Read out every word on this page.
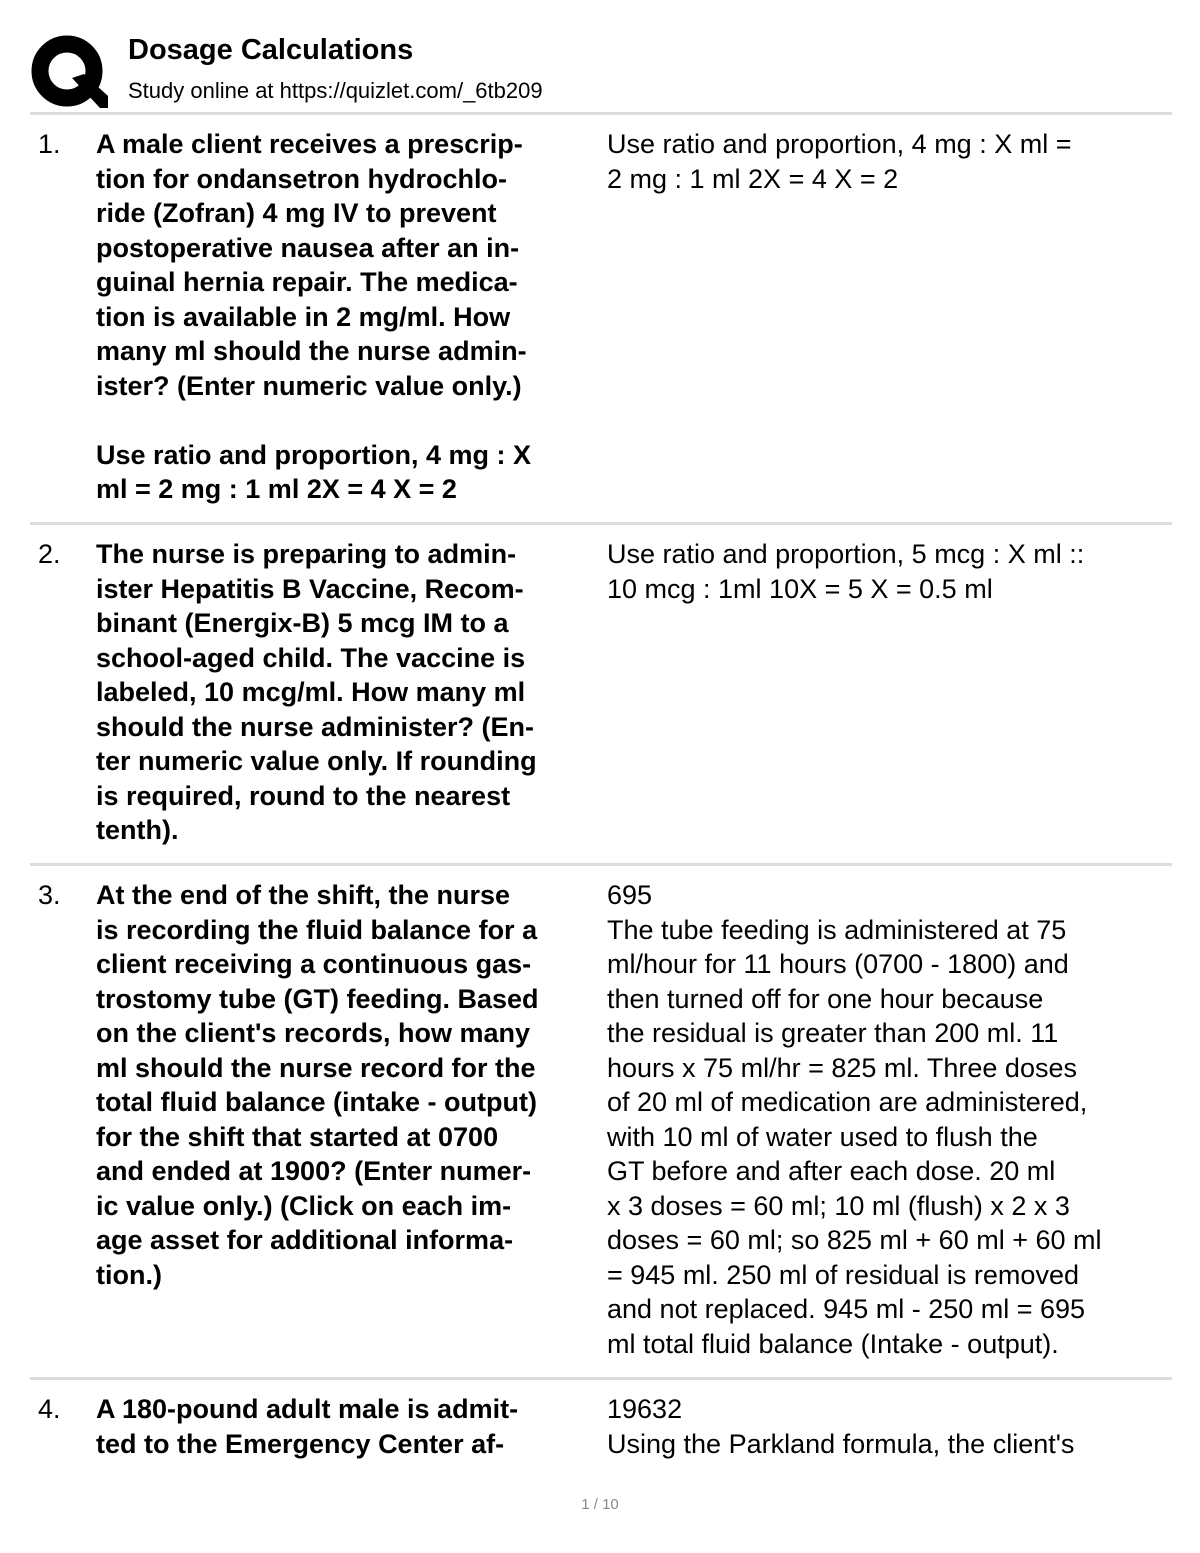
Dosage Calculations
Study online at https://quizlet.com/_6tb209
1. A male client receives a prescrip-
tion for ondansetron hydrochlo-
ride (Zofran) 4 mg IV to prevent
postoperative nausea after an in-
guinal hernia repair. The medica-
tion is available in 2 mg/ml. How
many ml should the nurse admin-
ister? (Enter numeric value only.)

Use ratio and proportion, 4 mg : X
ml = 2 mg : 1 ml 2X = 4 X = 2
Use ratio and proportion, 4 mg : X ml =
2 mg : 1 ml 2X = 4 X = 2
2. The nurse is preparing to admin-
ister Hepatitis B Vaccine, Recom-
binant (Energix-B) 5 mcg IM to a
school-aged child. The vaccine is
labeled, 10 mcg/ml. How many ml
should the nurse administer? (En-
ter numeric value only. If rounding
is required, round to the nearest
tenth).
Use ratio and proportion, 5 mcg : X ml ::
10 mcg : 1ml 10X = 5 X = 0.5 ml
3. At the end of the shift, the nurse
is recording the fluid balance for a
client receiving a continuous gas-
trostomy tube (GT) feeding. Based
on the client's records, how many
ml should the nurse record for the
total fluid balance (intake - output)
for the shift that started at 0700
and ended at 1900? (Enter numer-
ic value only.) (Click on each im-
age asset for additional informa-
tion.)
695
The tube feeding is administered at 75
ml/hour for 11 hours (0700 - 1800) and
then turned off for one hour because
the residual is greater than 200 ml. 11
hours x 75 ml/hr = 825 ml. Three doses
of 20 ml of medication are administered,
with 10 ml of water used to flush the
GT before and after each dose. 20 ml
x 3 doses = 60 ml; 10 ml (flush) x 2 x 3
doses = 60 ml; so 825 ml + 60 ml + 60 ml
= 945 ml. 250 ml of residual is removed
and not replaced. 945 ml - 250 ml = 695
ml total fluid balance (Intake - output).
4. A 180-pound adult male is admit-
ted to the Emergency Center af-
19632
Using the Parkland formula, the client's
1 / 10
